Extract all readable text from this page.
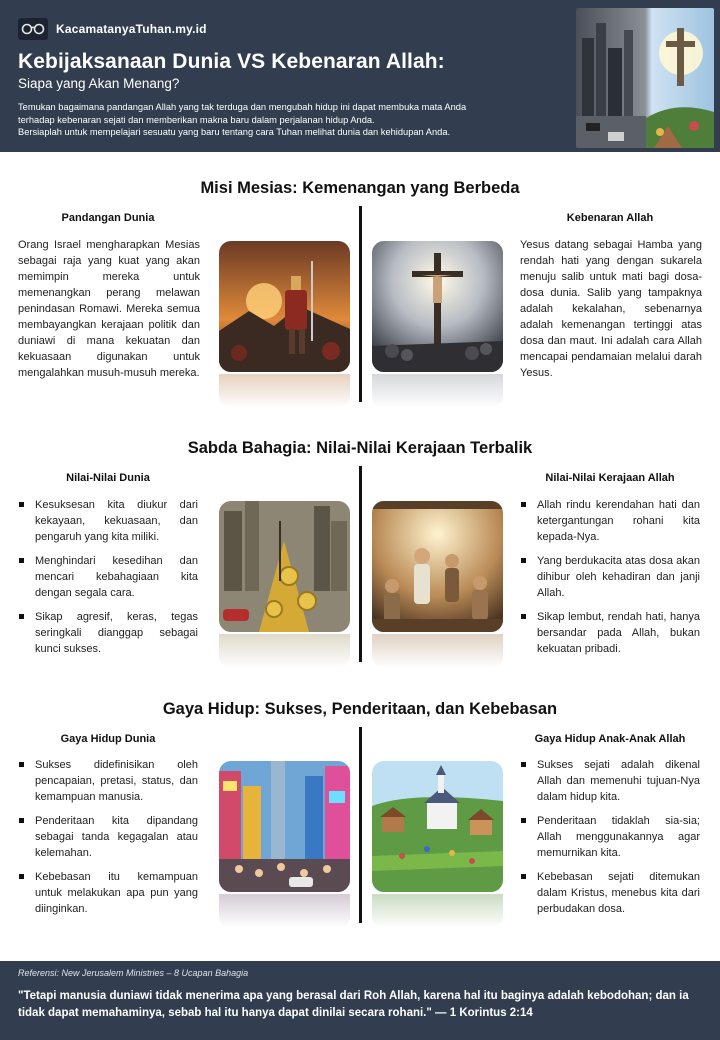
KacamatanyaTuhan.my.id
Kebijaksanaan Dunia VS Kebenaran Allah:
Siapa yang Akan Menang?
Temukan bagaimana pandangan Allah yang tak terduga dan mengubah hidup ini dapat membuka mata Anda
terhadap kebenaran sejati dan memberikan makna baru dalam perjalanan hidup Anda.
Bersiaplah untuk mempelajari sesuatu yang baru tentang cara Tuhan melihat dunia dan kehidupan Anda.
Misi Mesias: Kemenangan yang Berbeda
Pandangan Dunia	Kebenaran Allah
Orang Israel mengharapkan Mesias sebagai raja yang kuat yang akan memimpin mereka untuk memenangkan perang melawan penindasan Romawi. Mereka semua membayangkan kerajaan politik dan duniawi di mana kekuatan dan kekuasaan digunakan untuk mengalahkan musuh-musuh mereka.
Yesus datang sebagai Hamba yang rendah hati yang dengan sukarela menuju salib untuk mati bagi dosa-dosa dunia. Salib yang tampaknya adalah kekalahan, sebenarnya adalah kemenangan tertinggi atas dosa dan maut. Ini adalah cara Allah mencapai pendamaian melalui darah Yesus.
Sabda Bahagia: Nilai-Nilai Kerajaan Terbalik
Nilai-Nilai Dunia	Nilai-Nilai Kerajaan Allah
Kesuksesan kita diukur dari kekayaan, kekuasaan, dan pengaruh yang kita miliki.
Menghindari kesedihan dan mencari kebahagiaan kita dengan segala cara.
Sikap agresif, keras, tegas seringkali dianggap sebagai kunci sukses.
Allah rindu kerendahan hati dan ketergantungan rohani kita kepada-Nya.
Yang berdukacita atas dosa akan dihibur oleh kehadiran dan janji Allah.
Sikap lembut, rendah hati, hanya bersandar pada Allah, bukan kekuatan pribadi.
Gaya Hidup: Sukses, Penderitaan, dan Kebebasan
Gaya Hidup Dunia	Gaya Hidup Anak-Anak Allah
Sukses didefinisikan oleh pencapaian, pretasi, status, dan kemampuan manusia.
Penderitaan kita dipandang sebagai tanda kegagalan atau kelemahan.
Kebebasan itu kemampuan untuk melakukan apa pun yang diinginkan.
Sukses sejati adalah dikenal Allah dan memenuhi tujuan-Nya dalam hidup kita.
Penderitaan tidaklah sia-sia; Allah menggunakannya agar memurnikan kita.
Kebebasan sejati ditemukan dalam Kristus, menebus kita dari perbudakan dosa.
Referensi: New Jerusalem Ministries – 8 Ucapan Bahagia
"Tetapi manusia duniawi tidak menerima apa yang berasal dari Roh Allah, karena hal itu baginya adalah kebodohan; dan ia tidak dapat memahaminya, sebab hal itu hanya dapat dinilai secara rohani." — 1 Korintus 2:14
